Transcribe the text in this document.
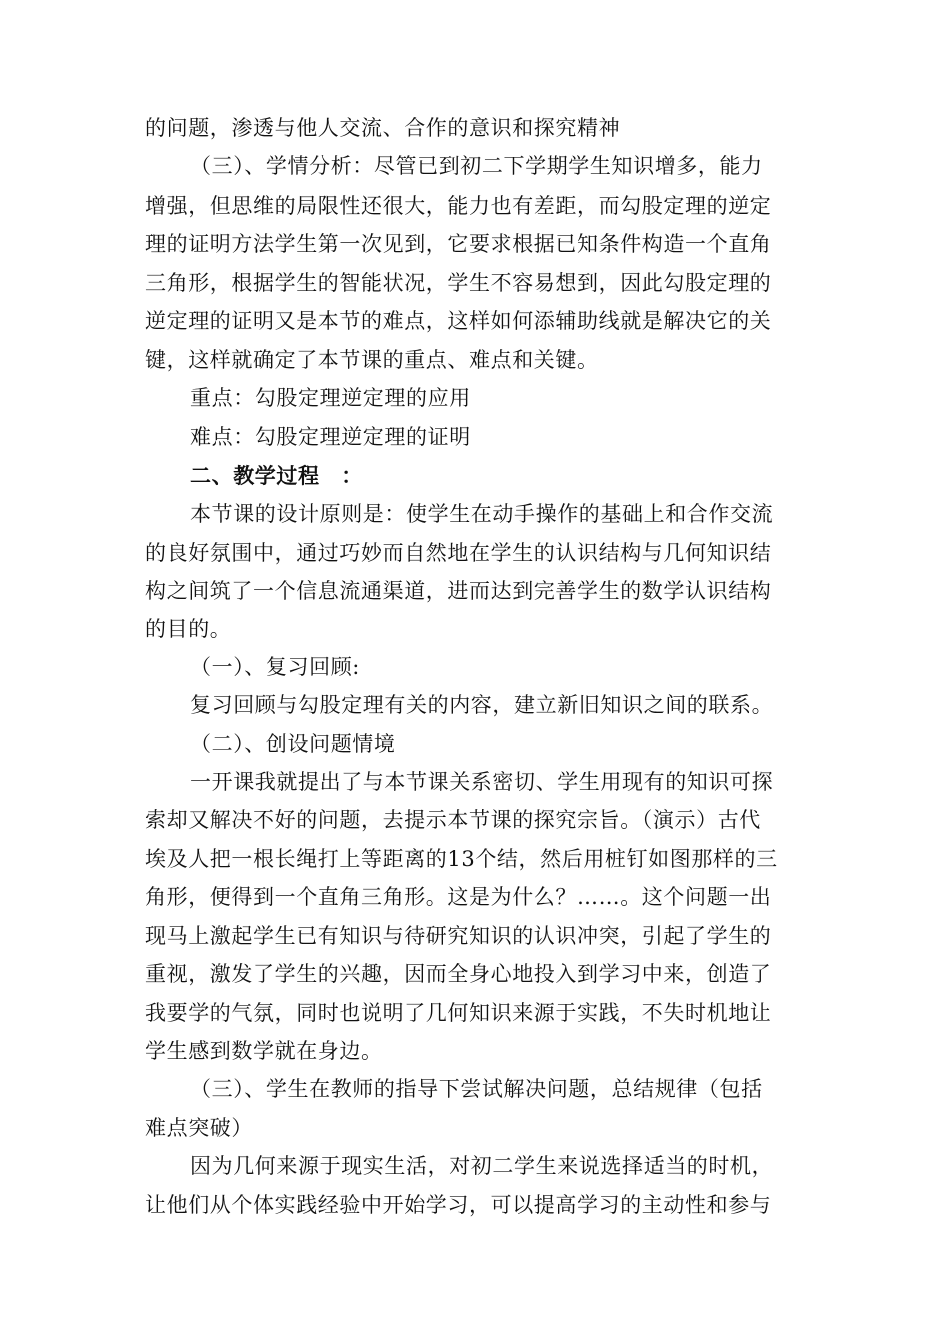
的问题，渗透与他人交流、合作的意识和探究精神
（三）、学情分析：尽管已到初二下学期学生知识增多，能力
增强，但思维的局限性还很大，能力也有差距，而勾股定理的逆定
理的证明方法学生第一次见到，它要求根据已知条件构造一个直角
三角形，根据学生的智能状况，学生不容易想到，因此勾股定理的
逆定理的证明又是本节的难点，这样如何添辅助线就是解决它的关
键，这样就确定了本节课的重点、难点和关键。
重点：勾股定理逆定理的应用
难点：勾股定理逆定理的证明
二、教学过程　：
本节课的设计原则是：使学生在动手操作的基础上和合作交流
的良好氛围中，通过巧妙而自然地在学生的认识结构与几何知识结
构之间筑了一个信息流通渠道，进而达到完善学生的数学认识结构
的目的。
（一）、复习回顾:
复习回顾与勾股定理有关的内容，建立新旧知识之间的联系。
（二）、创设问题情境
一开课我就提出了与本节课关系密切、学生用现有的知识可探
索却又解决不好的问题，去提示本节课的探究宗旨。（演示）古代
埃及人把一根长绳打上等距离的13个结，然后用桩钉如图那样的三
角形，便得到一个直角三角形。这是为什么？……。这个问题一出
现马上激起学生已有知识与待研究知识的认识冲突，引起了学生的
重视，激发了学生的兴趣，因而全身心地投入到学习中来，创造了
我要学的气氛，同时也说明了几何知识来源于实践，不失时机地让
学生感到数学就在身边。
（三）、学生在教师的指导下尝试解决问题，总结规律（包括
难点突破）
因为几何来源于现实生活，对初二学生来说选择适当的时机，
让他们从个体实践经验中开始学习，可以提高学习的主动性和参与
